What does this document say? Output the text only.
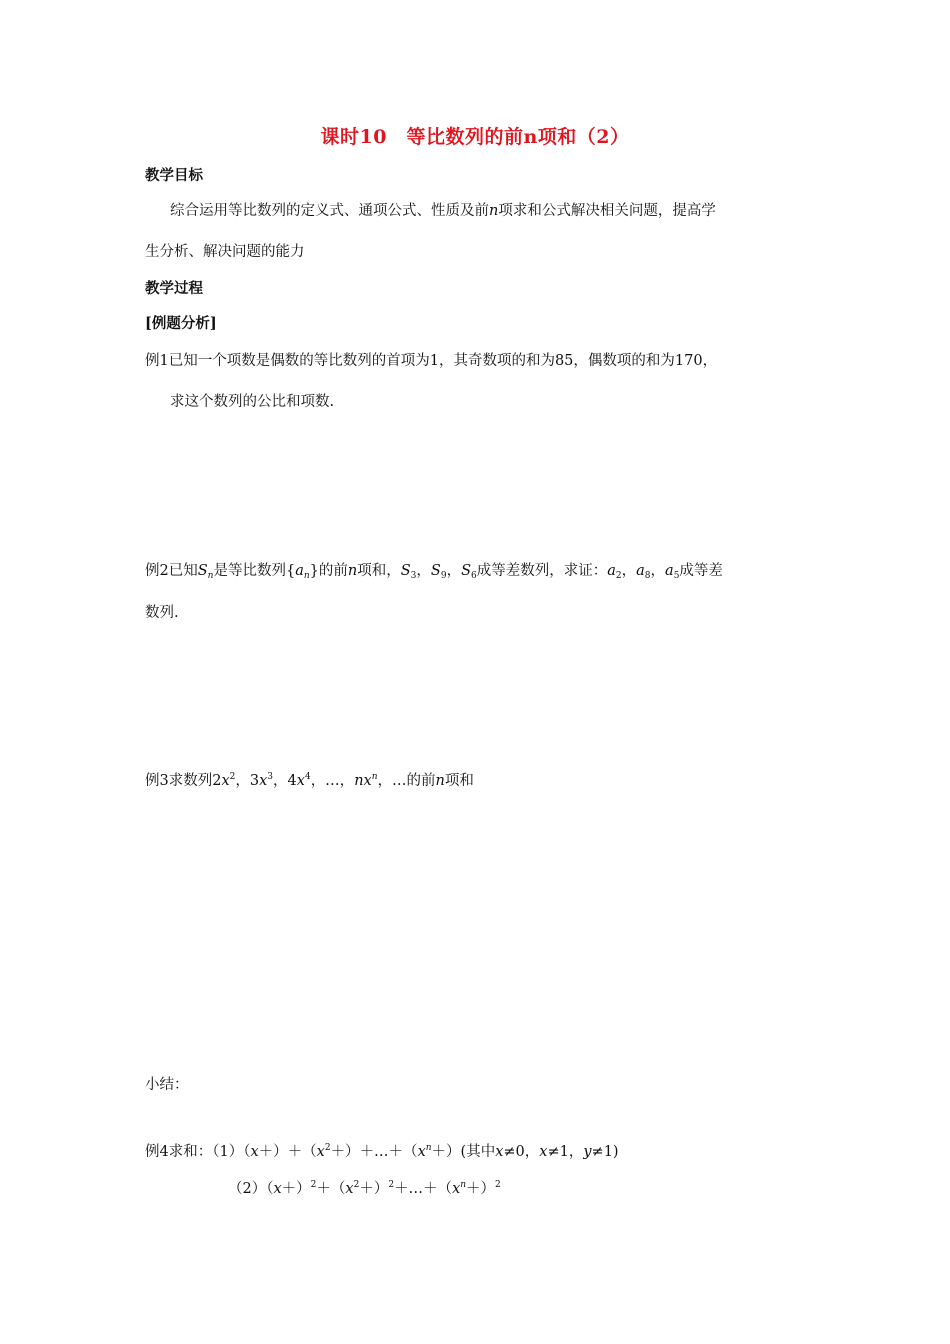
课时10　等比数列的前n项和（2）
教学目标
综合运用等比数列的定义式、通项公式、性质及前n项求和公式解决相关问题，提高学
生分析、解决问题的能力
教学过程
[例题分析]
例1已知一个项数是偶数的等比数列的首项为1，其奇数项的和为85，偶数项的和为170，
求这个数列的公比和项数.
例2已知$S_n$是等比数列$\{a_n\}$的前n项和，$S_3$，$S_9$，$S_6$成等差数列，求证：$a_2$，$a_8$，$a_5$成等差
数列.
例3求数列$2x^2$，$3x^3$，$4x^4$，…，$nx^n$，…的前n项和
小结：
例4求和：$(1)(x+)+(x^2+)+\dots+(x^n+)$(其中x≠0，x≠1，y≠1)
$(2)(x+)^2+(x^2+)^2+\dots+(x^n+)^2$
